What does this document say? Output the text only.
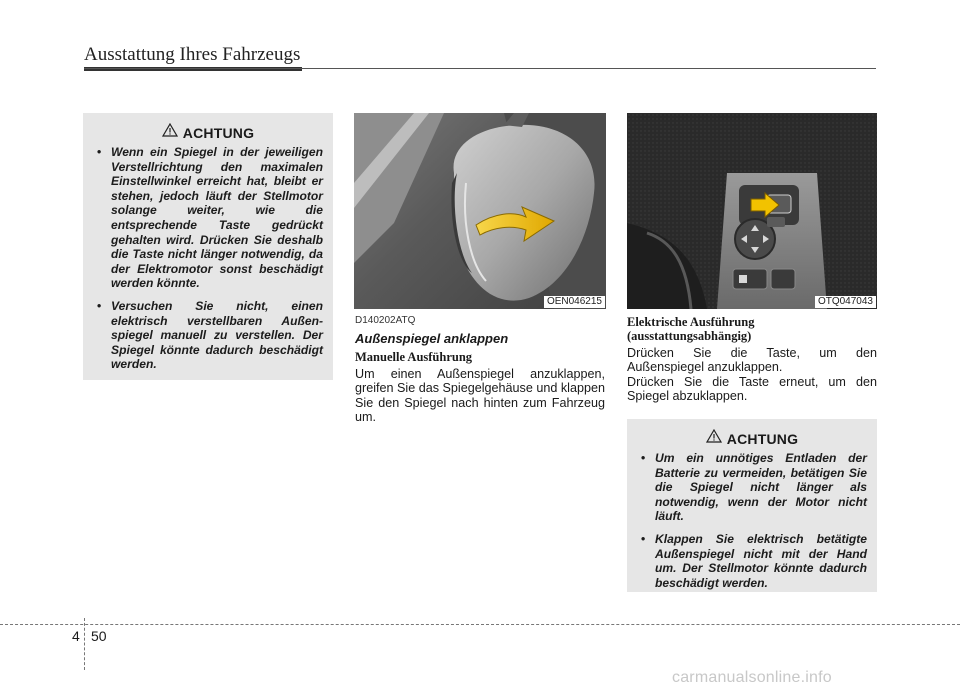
Ausstattung Ihres Fahrzeugs
ACHTUNG
• Wenn ein Spiegel in der jeweiligen Verstellrichtung den maximalen Einstellwinkel erreicht hat, bleibt er stehen, jedoch läuft der Stellmotor solange weiter, wie die entsprechende Taste gedrückt gehalten wird. Drücken Sie deshalb die Taste nicht länger notwendig, da der Elektromotor sonst beschädigt werden könnte.
• Versuchen Sie nicht, einen elektrisch verstellbaren Außen-spiegel manuell zu verstellen. Der Spiegel könnte dadurch beschädigt werden.
OEN046215	OTQ047043
D140202ATQ
Außenspiegel anklappen
Manuelle Ausführung

Um einen Außenspiegel anzuklappen, greifen Sie das Spiegelgehäuse und klappen Sie den Spiegel nach hinten zum Fahrzeug um.

Elektrische Ausführung (ausstattungsabhängig)

Drücken Sie die Taste, um den Außenspiegel anzuklappen.

Drücken Sie die Taste erneut, um den Spiegel abzuklappen.

ACHTUNG
• Um ein unnötiges Entladen der Batterie zu vermeiden, betätigen Sie die Spiegel nicht länger als notwendig, wenn der Motor nicht läuft.
• Klappen Sie elektrisch betätigte Außenspiegel nicht mit der Hand um. Der Stellmotor könnte dadurch beschädigt werden.
4 50
carmanualsonline.info
